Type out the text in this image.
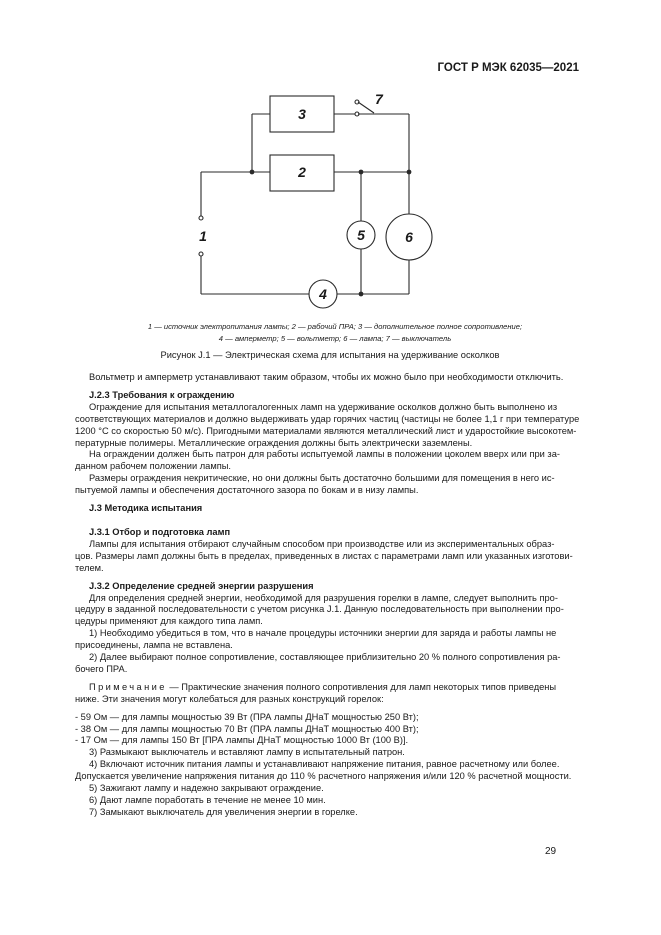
ГОСТ Р МЭК 62035—2021
3
2
7
1	5	6
4
1 — источник электропитания лампы; 2 — рабочий ПРА; 3 — дополнительное полное сопротивление;
4 — амперметр; 5 — вольтметр; 6 — лампа; 7 — выключатель
Рисунок J.1 — Электрическая схема для испытания на удерживание осколков

Вольтметр и амперметр устанавливают таким образом, чтобы их можно было при необходимости отключить.

J.2.3 Требования к ограждению

Ограждение для испытания металлогалогенных ламп на удерживание осколков должно быть выполнено из

соответствующих материалов и должно выдерживать удар горячих частиц (частицы не более 1,1 г при температуре

1200 °С со скоростью 50 м/с). Пригодными материалами являются металлический лист и ударостойкие высокотем-

пературные полимеры. Металлические ограждения должны быть электрически заземлены.

На ограждении должен быть патрон для работы испытуемой лампы в положении цоколем вверх или при за-

данном рабочем положении лампы.

Размеры ограждения некритические, но они должны быть достаточно большими для помещения в него ис-

пытуемой лампы и обеспечения достаточного зазора по бокам и в низу лампы.

J.3 Методика испытания

J.3.1 Отбор и подготовка ламп

Лампы для испытания отбирают случайным способом при производстве или из экспериментальных образ-

цов. Размеры ламп должны быть в пределах, приведенных в листах с параметрами ламп или указанных изготови-

телем.

J.3.2 Определение средней энергии разрушения

Для определения средней энергии, необходимой для разрушения горелки в лампе, следует выполнить про-

цедуру в заданной последовательности с учетом рисунка J.1. Данную последовательность при выполнении про-

цедуры применяют для каждого типа ламп.

1) Необходимо убедиться в том, что в начале процедуры источники энергии для заряда и работы лампы не

присоединены, лампа не вставлена.

2) Далее выбирают полное сопротивление, составляющее приблизительно 20 % полного сопротивления ра-

бочего ПРА.

Примечание — Практические значения полного сопротивления для ламп некоторых типов приведены

ниже. Эти значения могут колебаться для разных конструкций горелок:

- 59 Ом — для лампы мощностью 39 Вт (ПРА лампы ДНаТ мощностью 250 Вт);

- 38 Ом — для лампы мощностью 70 Вт (ПРА лампы ДНаТ мощностью 400 Вт);

- 17 Ом — для лампы 150 Вт [ПРА лампы ДНаТ мощностью 1000 Вт (100 В)].

3) Размыкают выключатель и вставляют лампу в испытательный патрон.

4) Включают источник питания лампы и устанавливают напряжение питания, равное расчетному или более.

Допускается увеличение напряжения питания до 110 % расчетного напряжения и/или 120 % расчетной мощности.

5) Зажигают лампу и надежно закрывают ограждение.

6) Дают лампе поработать в течение не менее 10 мин.

7) Замыкают выключатель для увеличения энергии в горелке.

29
